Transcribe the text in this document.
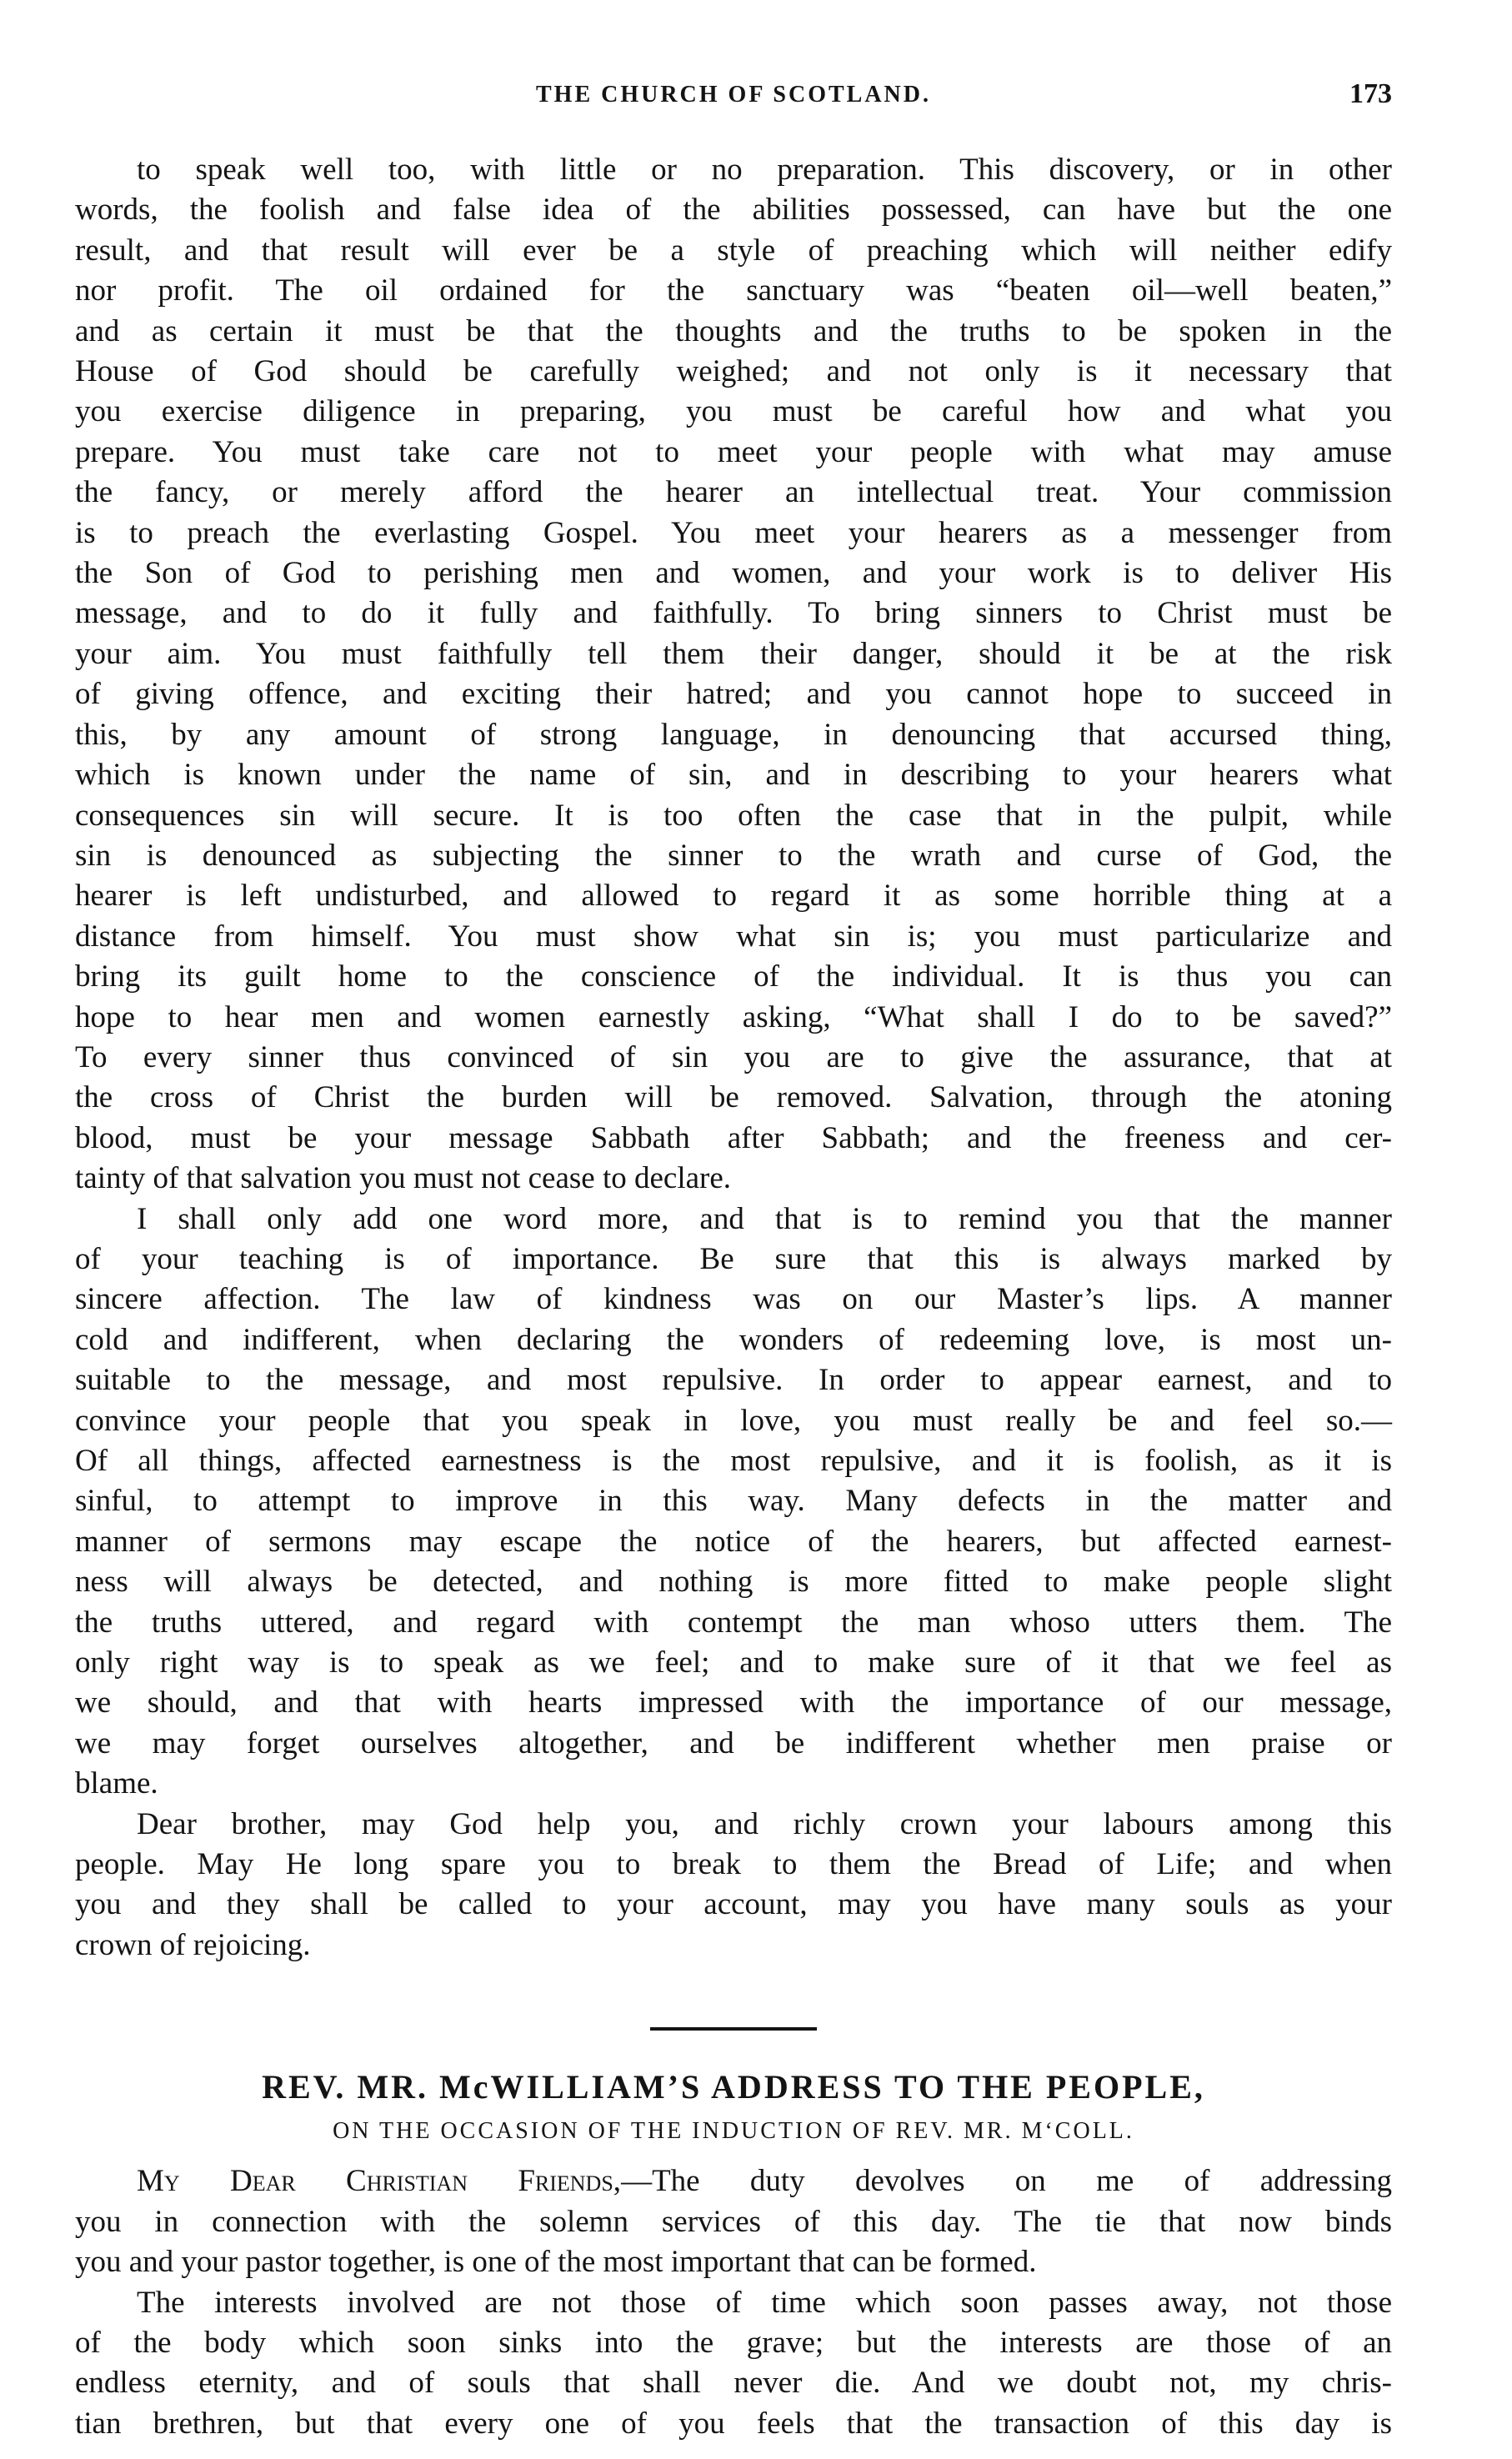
THE CHURCH OF SCOTLAND.	173
to speak well too, with little or no preparation. This discovery, or in other
words, the foolish and false idea of the abilities possessed, can have but the one
result, and that result will ever be a style of preaching which will neither edify
nor profit. The oil ordained for the sanctuary was “beaten oil—well beaten,”
and as certain it must be that the thoughts and the truths to be spoken in the
House of God should be carefully weighed; and not only is it necessary that
you exercise diligence in preparing, you must be careful how and what you
prepare. You must take care not to meet your people with what may amuse
the fancy, or merely afford the hearer an intellectual treat. Your commission
is to preach the everlasting Gospel. You meet your hearers as a messenger from
the Son of God to perishing men and women, and your work is to deliver His
message, and to do it fully and faithfully. To bring sinners to Christ must be
your aim. You must faithfully tell them their danger, should it be at the risk
of giving offence, and exciting their hatred; and you cannot hope to succeed in
this, by any amount of strong language, in denouncing that accursed thing,
which is known under the name of sin, and in describing to your hearers what
consequences sin will secure. It is too often the case that in the pulpit, while
sin is denounced as subjecting the sinner to the wrath and curse of God, the
hearer is left undisturbed, and allowed to regard it as some horrible thing at a
distance from himself. You must show what sin is; you must particularize and
bring its guilt home to the conscience of the individual. It is thus you can
hope to hear men and women earnestly asking, “What shall I do to be saved?”
To every sinner thus convinced of sin you are to give the assurance, that at
the cross of Christ the burden will be removed. Salvation, through the atoning
blood, must be your message Sabbath after Sabbath; and the freeness and cer-
tainty of that salvation you must not cease to declare.
I shall only add one word more, and that is to remind you that the manner
of your teaching is of importance. Be sure that this is always marked by
sincere affection. The law of kindness was on our Master’s lips. A manner
cold and indifferent, when declaring the wonders of redeeming love, is most un-
suitable to the message, and most repulsive. In order to appear earnest, and to
convince your people that you speak in love, you must really be and feel so.—
Of all things, affected earnestness is the most repulsive, and it is foolish, as it is
sinful, to attempt to improve in this way. Many defects in the matter and
manner of sermons may escape the notice of the hearers, but affected earnest-
ness will always be detected, and nothing is more fitted to make people slight
the truths uttered, and regard with contempt the man whoso utters them. The
only right way is to speak as we feel; and to make sure of it that we feel as
we should, and that with hearts impressed with the importance of our message,
we may forget ourselves altogether, and be indifferent whether men praise or
blame.
Dear brother, may God help you, and richly crown your labours among this
people. May He long spare you to break to them the Bread of Life; and when
you and they shall be called to your account, may you have many souls as your
crown of rejoicing.
REV. MR. McWILLIAM’S ADDRESS TO THE PEOPLE,
ON THE OCCASION OF THE INDUCTION OF REV. MR. M‘COLL.
My Dear Christian Friends,—The duty devolves on me of addressing
you in connection with the solemn services of this day. The tie that now binds
you and your pastor together, is one of the most important that can be formed.
The interests involved are not those of time which soon passes away, not those
of the body which soon sinks into the grave; but the interests are those of an
endless eternity, and of souls that shall never die. And we doubt not, my chris-
tian brethren, but that every one of you feels that the transaction of this day is
